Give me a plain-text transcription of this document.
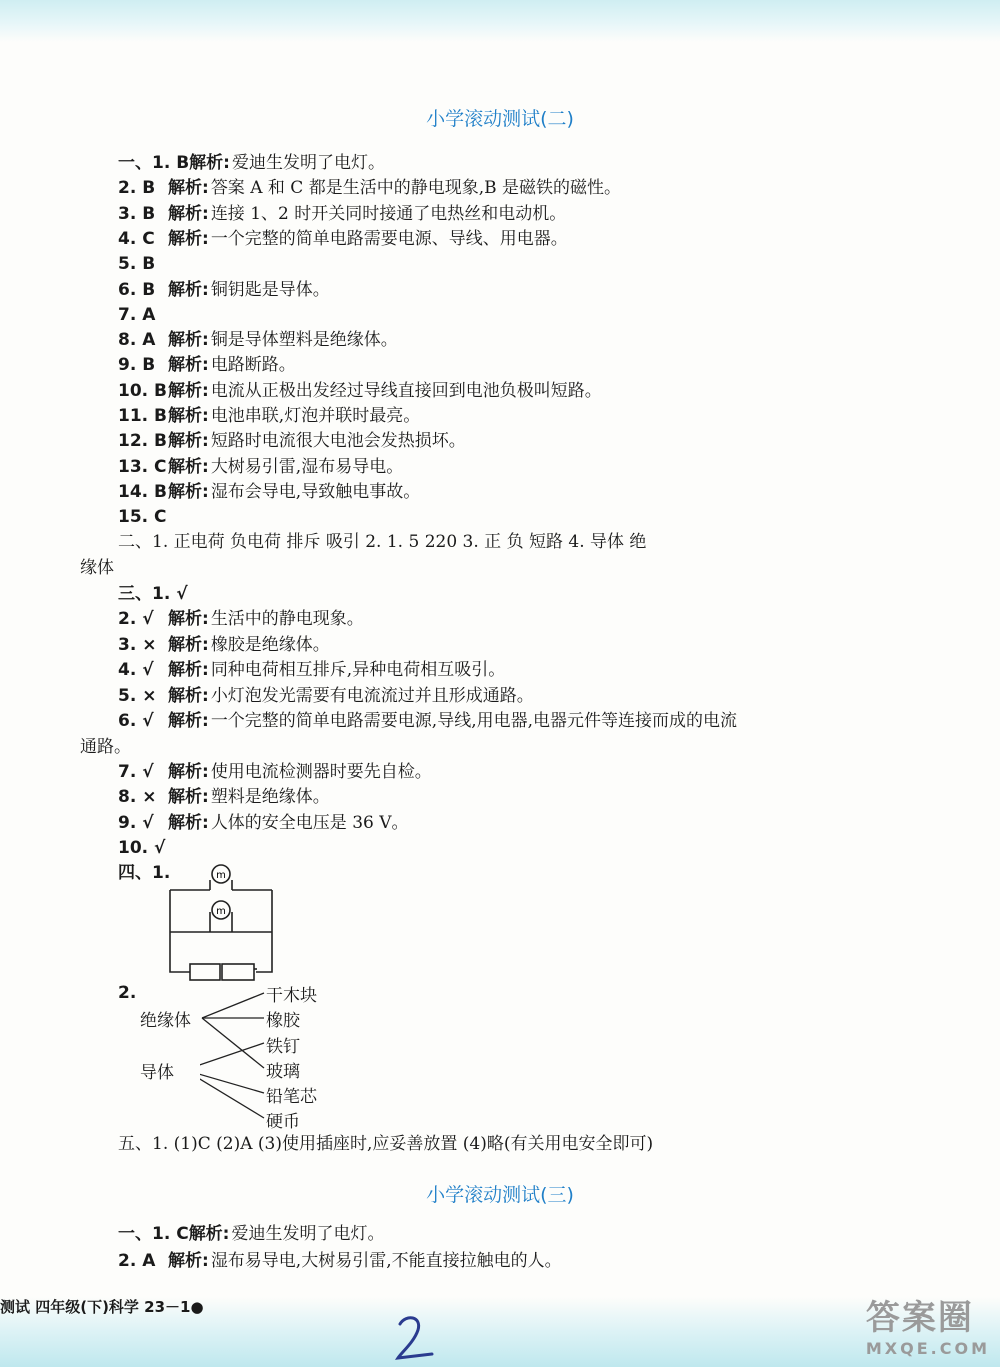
小学滚动测试(二)
一、1. B解析: 爱迪生发明了电灯。
2. B 解析: 答案 A 和 C 都是生活中的静电现象,B 是磁铁的磁性。
3. B 解析: 连接 1、2 时开关同时接通了电热丝和电动机。
4. C 解析: 一个完整的简单电路需要电源、导线、用电器。
5. B
6. B 解析: 铜钥匙是导体。
7. A
8. A 解析: 铜是导体塑料是绝缘体。
9. B 解析: 电路断路。
10. B解析: 电流从正极出发经过导线直接回到电池负极叫短路。
11. B解析: 电池串联,灯泡并联时最亮。
12. B解析: 短路时电流很大电池会发热损坏。
13. C解析: 大树易引雷,湿布易导电。
14. B解析: 湿布会导电,导致触电事故。
15. C
二、1. 正电荷 负电荷 排斥 吸引 2. 1. 5 220 3. 正 负 短路 4. 导体 绝
缘体
三、1. √
2. √ 解析: 生活中的静电现象。
3. × 解析: 橡胶是绝缘体。
4. √ 解析: 同种电荷相互排斥,异种电荷相互吸引。
5. × 解析: 小灯泡发光需要有电流流过并且形成通路。
6. √ 解析: 一个完整的简单电路需要电源,导线,用电器,电器元件等连接而成的电流
通路。
7. √ 解析: 使用电流检测器时要先自检。
8. × 解析: 塑料是绝缘体。
9. √ 解析: 人体的安全电压是 36 V。
10. √
四、1.	m
m
2.
绝缘体
导体
干木块
橡胶
铁钉
玻璃
铅笔芯
硬币
五、1. (1)C (2)A (3)使用插座时,应妥善放置 (4)略(有关用电安全即可)
小学滚动测试(三)
一、1. C解析: 爱迪生发明了电灯。
2. A 解析: 湿布易导电,大树易引雷,不能直接拉触电的人。
测试 四年级(下)科学 23－1●	答案圈
MXQE.COM
